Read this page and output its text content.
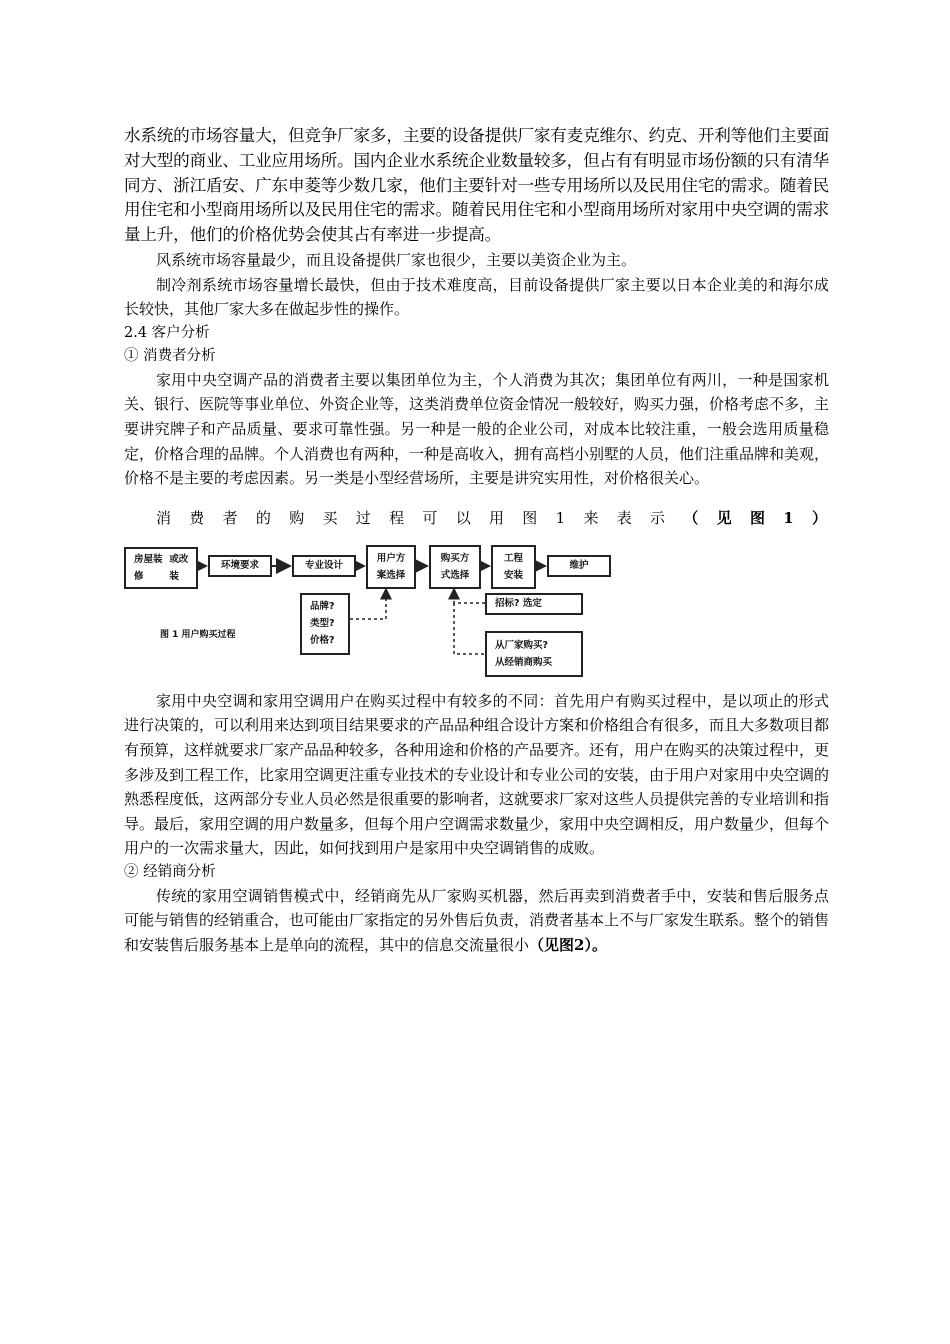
水系统的市场容量大，但竞争厂家多，主要的设备提供厂家有麦克维尔、约克、开利等他们主要面对大型的商业、工业应用场所。国内企业水系统企业数量较多，但占有有明显市场份额的只有清华同方、浙江盾安、广东申菱等少数几家，他们主要针对一些专用场所以及民用住宅的需求。随着民用住宅和小型商用场所以及民用住宅的需求。随着民用住宅和小型商用场所对家用中央空调的需求量上升，他们的价格优势会使其占有率进一步提高。

风系统市场容量最少，而且设备提供厂家也很少，主要以美资企业为主。

制冷剂系统市场容量增长最快，但由于技术难度高，目前设备提供厂家主要以日本企业美的和海尔成长较快，其他厂家大多在做起步性的操作。

2.4 客户分析

① 消费者分析

家用中央空调产品的消费者主要以集团单位为主，个人消费为其次；集团单位有两川，一种是国家机关、银行、医院等事业单位、外资企业等，这类消费单位资金情况一般较好，购买力强，价格考虑不多，主要讲究牌子和产品质量、要求可靠性强。另一种是一般的企业公司，对成本比较注重，一般会选用质量稳定，价格合理的品牌。个人消费也有两种，一种是高收入，拥有高档小别墅的人员，他们注重品牌和美观，价格不是主要的考虑因素。另一类是小型经营场所，主要是讲究实用性，对价格很关心。

消费者的购买过程可以用图1来表示（见图1）

房屋装修

或改装
环境要求	专业设计
用户方
案选择
购买方
式选择
工程
安装
维护
品牌?
类型?
价格?
招标? 选定
从厂家购买?
从经销商购买
图 1 用户购买过程

家用中央空调和家用空调用户在购买过程中有较多的不同：首先用户有购买过程中，是以项止的形式进行决策的，可以利用来达到项目结果要求的产品品种组合设计方案和价格组合有很多，而且大多数项目都有预算，这样就要求厂家产品品种较多，各种用途和价格的产品要齐。还有，用户在购买的决策过程中，更多涉及到工程工作，比家用空调更注重专业技术的专业设计和专业公司的安装，由于用户对家用中央空调的熟悉程度低，这两部分专业人员必然是很重要的影响者，这就要求厂家对这些人员提供完善的专业培训和指导。最后，家用空调的用户数量多，但每个用户空调需求数量少，家用中央空调相反，用户数量少，但每个用户的一次需求量大，因此，如何找到用户是家用中央空调销售的成败。

② 经销商分析

传统的家用空调销售模式中，经销商先从厂家购买机器，然后再卖到消费者手中，安装和售后服务点可能与销售的经销重合，也可能由厂家指定的另外售后负责，消费者基本上不与厂家发生联系。整个的销售和安装售后服务基本上是单向的流程，其中的信息交流量很小（见图2）。
